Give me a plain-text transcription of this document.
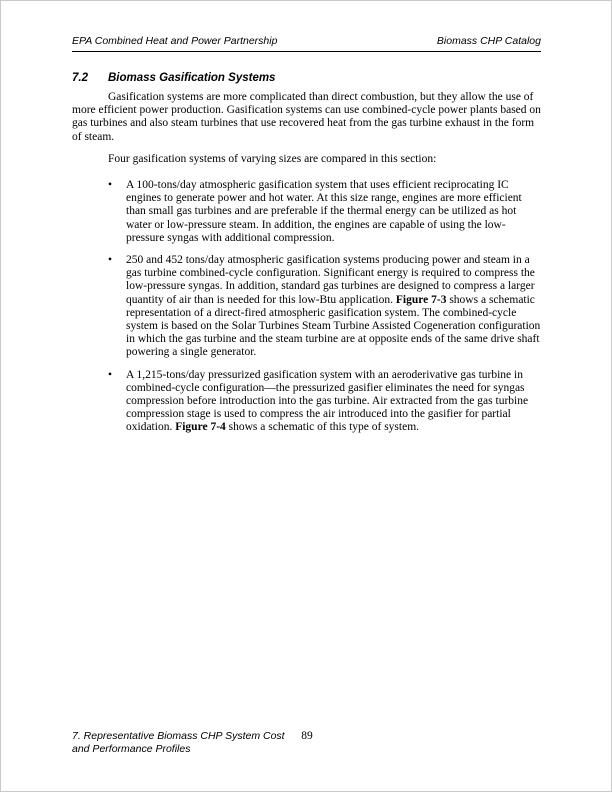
EPA Combined Heat and Power Partnership	Biomass CHP Catalog
7.2	Biomass Gasification Systems

Gasification systems are more complicated than direct combustion, but they allow the use of more efficient power production. Gasification systems can use combined-cycle power plants based on gas turbines and also steam turbines that use recovered heat from the gas turbine exhaust in the form of steam.

Four gasification systems of varying sizes are compared in this section:

• A 100-tons/day atmospheric gasification system that uses efficient reciprocating IC engines to generate power and hot water. At this size range, engines are more efficient than small gas turbines and are preferable if the thermal energy can be utilized as hot water or low-pressure steam. In addition, the engines are capable of using the low-pressure syngas with additional compression.
• 250 and 452 tons/day atmospheric gasification systems producing power and steam in a gas turbine combined-cycle configuration. Significant energy is required to compress the low-pressure syngas. In addition, standard gas turbines are designed to compress a larger quantity of air than is needed for this low-Btu application. Figure 7-3 shows a schematic representation of a direct-fired atmospheric gasification system. The combined-cycle system is based on the Solar Turbines Steam Turbine Assisted Cogeneration configuration in which the gas turbine and the steam turbine are at opposite ends of the same drive shaft powering a single generator.
• A 1,215-tons/day pressurized gasification system with an aeroderivative gas turbine in combined-cycle configuration—the pressurized gasifier eliminates the need for syngas compression before introduction into the gas turbine. Air extracted from the gas turbine compression stage is used to compress the air introduced into the gasifier for partial oxidation. Figure 7-4 shows a schematic of this type of system.
7. Representative Biomass CHP System Cost
and Performance Profiles
89
